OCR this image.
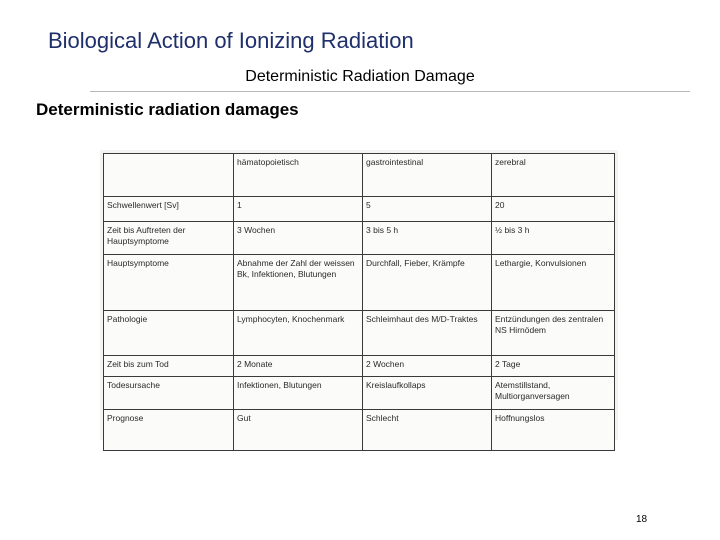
Biological Action of Ionizing Radiation
Deterministic Radiation Damage
Deterministic radiation damages
	hämatopoietisch	gastrointestinal	zerebral
Schwellenwert [Sv]	1	5	20
Zeit bis Auftreten der Hauptsymptome	3 Wochen	3 bis 5 h	½ bis 3 h
Hauptsymptome	Abnahme der Zahl der weissen Bk, Infektionen, Blutungen	Durchfall, Fieber, Krämpfe	Lethargie, Konvulsionen
Pathologie	Lymphocyten, Knochenmark	Schleimhaut des M/D-Traktes	Entzündungen des zentralen NS Hirnödem
Zeit bis zum Tod	2 Monate	2 Wochen	2 Tage
Todesursache	Infektionen, Blutungen	Kreislaufkollaps	Atemstillstand, Multiorganversagen
Prognose	Gut	Schlecht	Hoffnungslos
18
